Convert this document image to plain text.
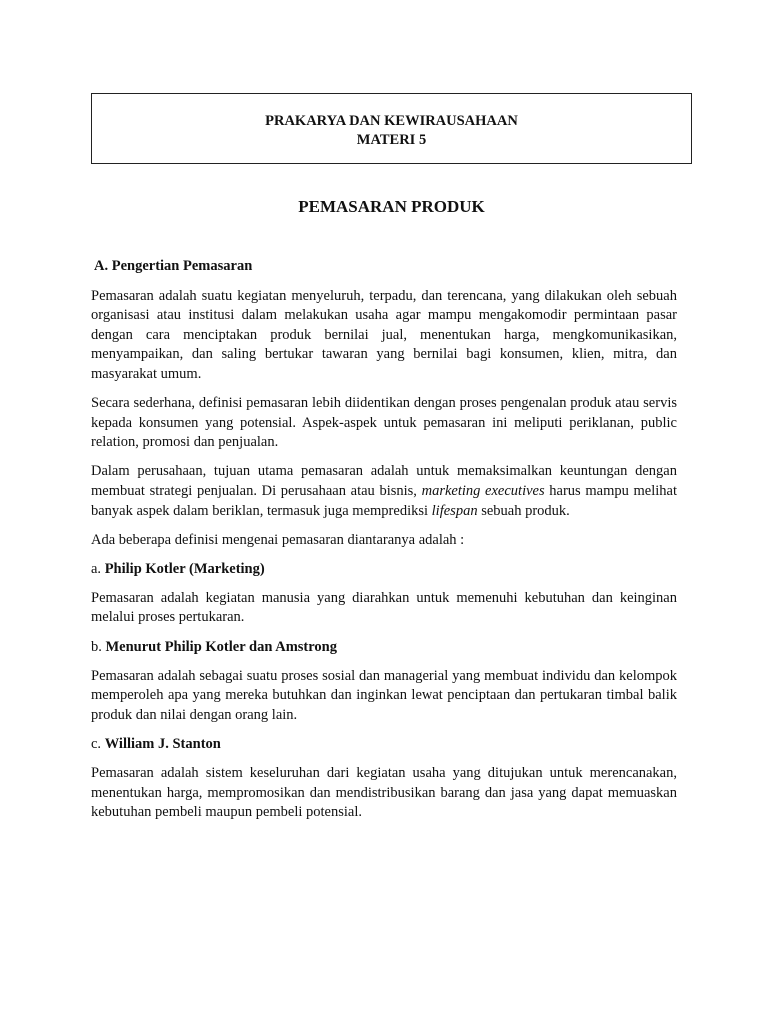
PRAKARYA DAN KEWIRAUSAHAAN
MATERI 5
PEMASARAN PRODUK

A. Pengertian Pemasaran

Pemasaran adalah suatu kegiatan menyeluruh, terpadu, dan terencana, yang dilakukan oleh sebuah organisasi atau institusi dalam melakukan usaha agar mampu mengakomodir permintaan pasar dengan cara menciptakan produk bernilai jual, menentukan harga, mengkomunikasikan, menyampaikan, dan saling bertukar tawaran yang bernilai bagi konsumen, klien, mitra, dan masyarakat umum.

Secara sederhana, definisi pemasaran lebih diidentikan dengan proses pengenalan produk atau servis kepada konsumen yang potensial. Aspek-aspek untuk pemasaran ini meliputi periklanan, public relation, promosi dan penjualan.

Dalam perusahaan, tujuan utama pemasaran adalah untuk memaksimalkan keuntungan dengan membuat strategi penjualan. Di perusahaan atau bisnis, marketing executives harus mampu melihat banyak aspek dalam beriklan, termasuk juga memprediksi lifespan sebuah produk.

Ada beberapa definisi mengenai pemasaran diantaranya adalah :

a. Philip Kotler (Marketing)

Pemasaran adalah kegiatan manusia yang diarahkan untuk memenuhi kebutuhan dan keinginan melalui proses pertukaran.

b. Menurut Philip Kotler dan Amstrong

Pemasaran adalah sebagai suatu proses sosial dan managerial yang membuat individu dan kelompok memperoleh apa yang mereka butuhkan dan inginkan lewat penciptaan dan pertukaran timbal balik produk dan nilai dengan orang lain.

c. William J. Stanton

Pemasaran adalah sistem keseluruhan dari kegiatan usaha yang ditujukan untuk merencanakan, menentukan harga, mempromosikan dan mendistribusikan barang dan jasa yang dapat memuaskan kebutuhan pembeli maupun pembeli potensial.
